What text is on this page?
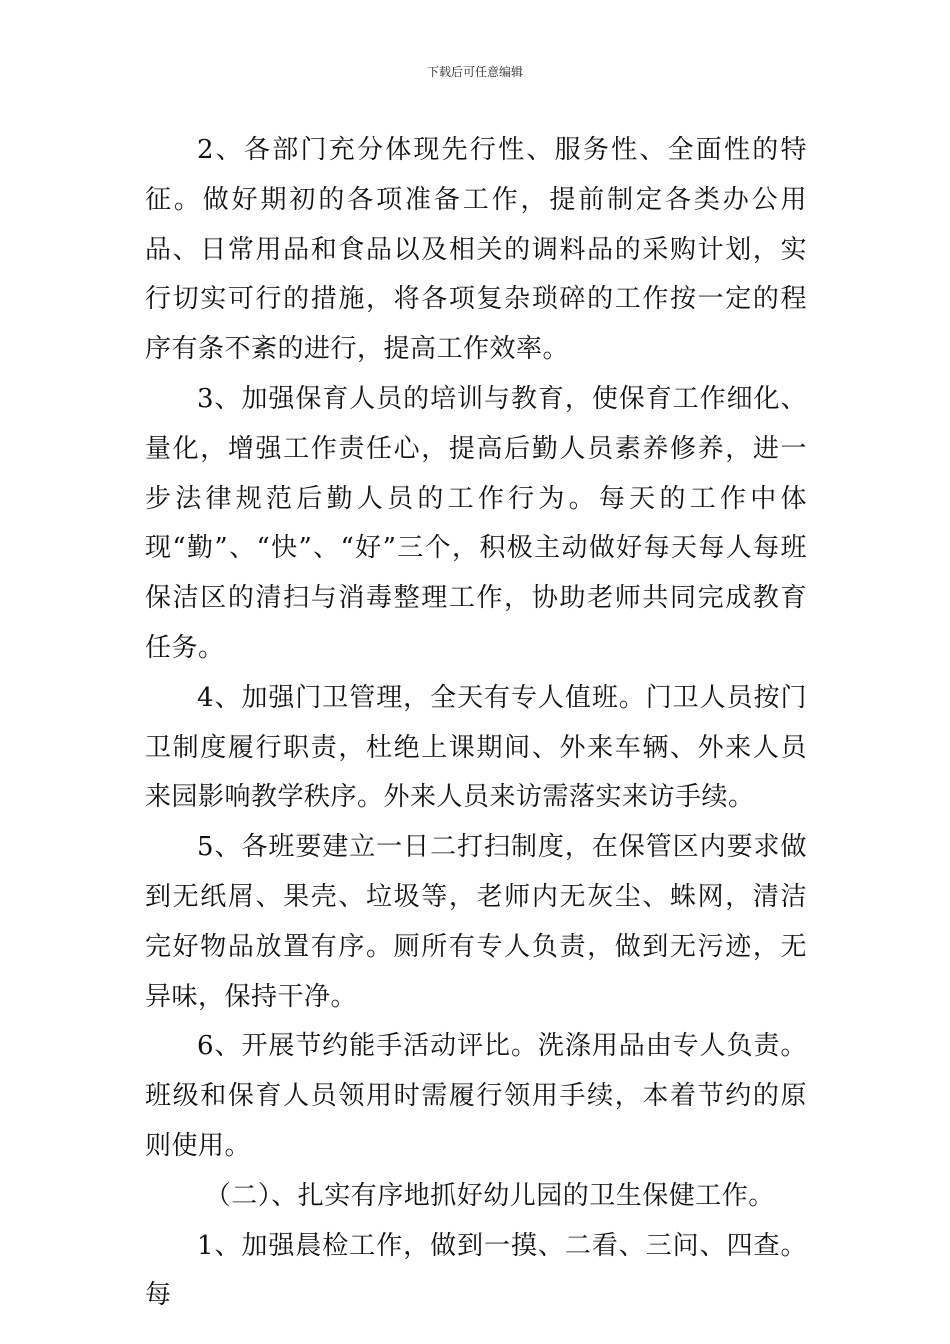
下载后可任意编辑

2、各部门充分体现先行性、服务性、全面性的特征。做好期初的各项准备工作，提前制定各类办公用品、日常用品和食品以及相关的调料品的采购计划，实行切实可行的措施，将各项复杂琐碎的工作按一定的程序有条不紊的进行，提高工作效率。

3、加强保育人员的培训与教育，使保育工作细化、量化，增强工作责任心，提高后勤人员素养修养，进一步法律规范后勤人员的工作行为。每天的工作中体现“勤”、“快”、“好”三个，积极主动做好每天每人每班保洁区的清扫与消毒整理工作，协助老师共同完成教育任务。

4、加强门卫管理，全天有专人值班。门卫人员按门卫制度履行职责，杜绝上课期间、外来车辆、外来人员来园影响教学秩序。外来人员来访需落实来访手续。

5、各班要建立一日二打扫制度，在保管区内要求做到无纸屑、果壳、垃圾等，老师内无灰尘、蛛网，清洁完好物品放置有序。厕所有专人负责，做到无污迹，无异味，保持干净。

6、开展节约能手活动评比。洗涤用品由专人负责。班级和保育人员领用时需履行领用手续，本着节约的原则使用。

（二）、扎实有序地抓好幼儿园的卫生保健工作。

1、加强晨检工作，做到一摸、二看、三问、四查。每
